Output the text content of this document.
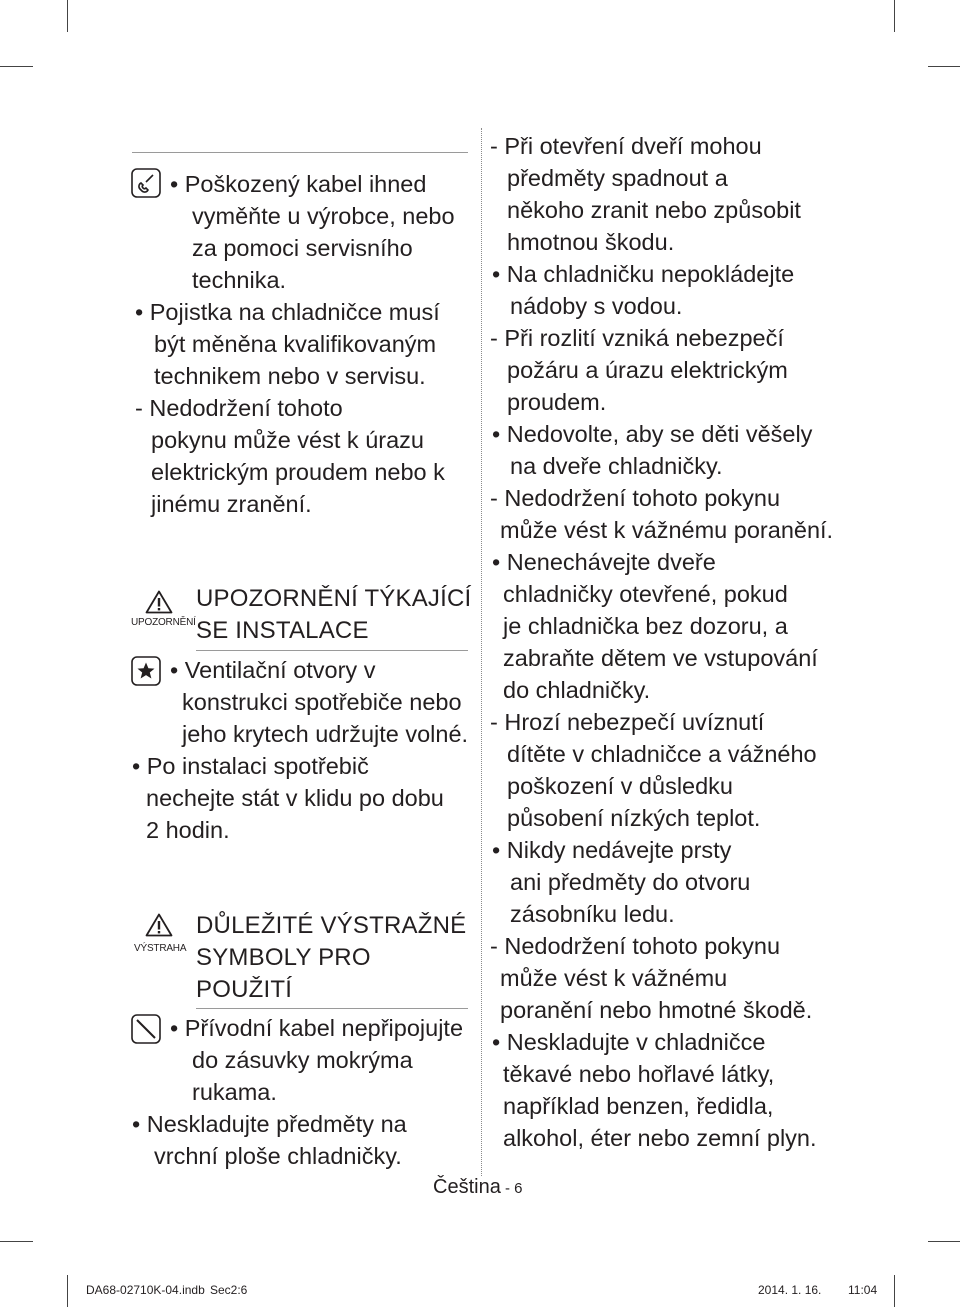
• Poškozený kabel ihned
vyměňte u výrobce, nebo
za pomoci servisního
technika.
• Pojistka na chladničce musí
být měněna kvalifikovaným
technikem nebo v servisu.
- Nedodržení tohoto
pokynu může vést k úrazu
elektrickým proudem nebo k
jinému zranění.
UPOZORNĚNÍ
UPOZORNĚNÍ TÝKAJÍCÍ
SE INSTALACE
• Ventilační otvory v
konstrukci spotřebiče nebo
jeho krytech udržujte volné.
• Po instalaci spotřebič
nechejte stát v klidu po dobu
2 hodin.
VÝSTRAHA
DŮLEŽITÉ VÝSTRAŽNÉ
SYMBOLY PRO
POUŽITÍ
• Přívodní kabel nepřipojujte
do zásuvky mokrýma
rukama.
• Neskladujte předměty na
vrchní ploše chladničky.
- Při otevření dveří mohou
předměty spadnout a
někoho zranit nebo způsobit
hmotnou škodu.
• Na chladničku nepokládejte
nádoby s vodou.
- Při rozlití vzniká nebezpečí
požáru a úrazu elektrickým
proudem.
• Nedovolte, aby se děti věšely
na dveře chladničky.
- Nedodržení tohoto pokynu
může vést k vážnému poranění.
• Nenechávejte dveře
chladničky otevřené, pokud
je chladnička bez dozoru, a
zabraňte dětem ve vstupování
do chladničky.
- Hrozí nebezpečí uvíznutí
dítěte v chladničce a vážného
poškození v důsledku
působení nízkých teplot.
• Nikdy nedávejte prsty
ani předměty do otvoru
zásobníku ledu.
- Nedodržení tohoto pokynu
může vést k vážnému
poranění nebo hmotné škodě.
• Neskladujte v chladničce
těkavé nebo hořlavé látky,
například benzen, ředidla,
alkohol, éter nebo zemní plyn.
Čeština - 6
DA68-02710K-04.indb Sec2:6	2014. 1. 16. 11:04
